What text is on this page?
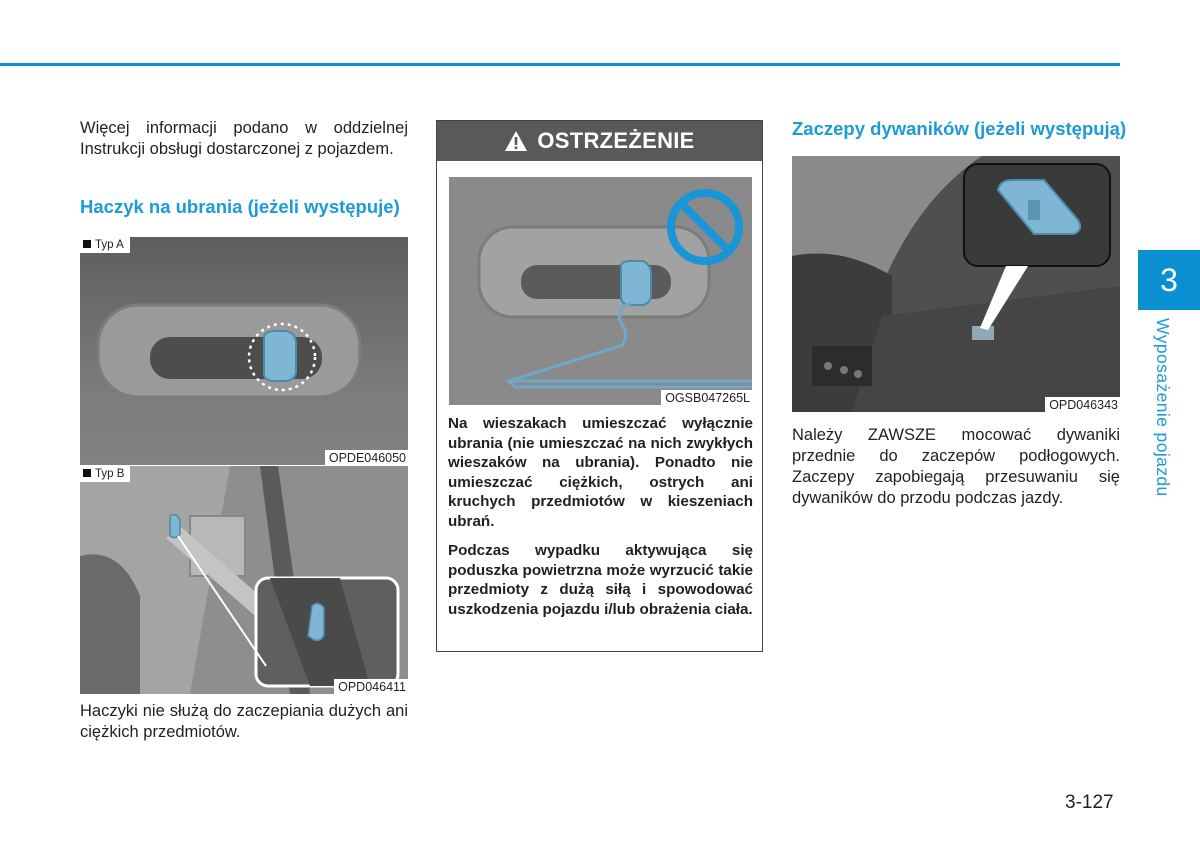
Więcej informacji podano w oddzielnej Instrukcji obsługi dostarczonej z pojazdem.

Haczyk na ubrania (jeżeli występuje)
Typ A
OPDE046050
Typ B
OPD046411

Haczyki nie służą do zaczepiania dużych ani ciężkich przedmiotów.

OSTRZEŻENIE
OGSB047265L

Na wieszakach umieszczać wyłącznie ubrania (nie umieszczać na nich zwykłych wieszaków na ubrania). Ponadto nie umieszczać ciężkich, ostrych ani kruchych przedmiotów w kieszeniach ubrań.

Podczas wypadku aktywująca się poduszka powietrzna może wyrzucić takie przedmioty z dużą siłą i spowodować uszkodzenia pojazdu i/lub obrażenia ciała.

Zaczepy dywaników (jeżeli występują)
OPD046343

Należy ZAWSZE mocować dywaniki przednie do zaczepów podłogowych. Zaczepy zapobiegają przesuwaniu się dywaników do przodu podczas jazdy.

3
Wyposażenie pojazdu
3-127
